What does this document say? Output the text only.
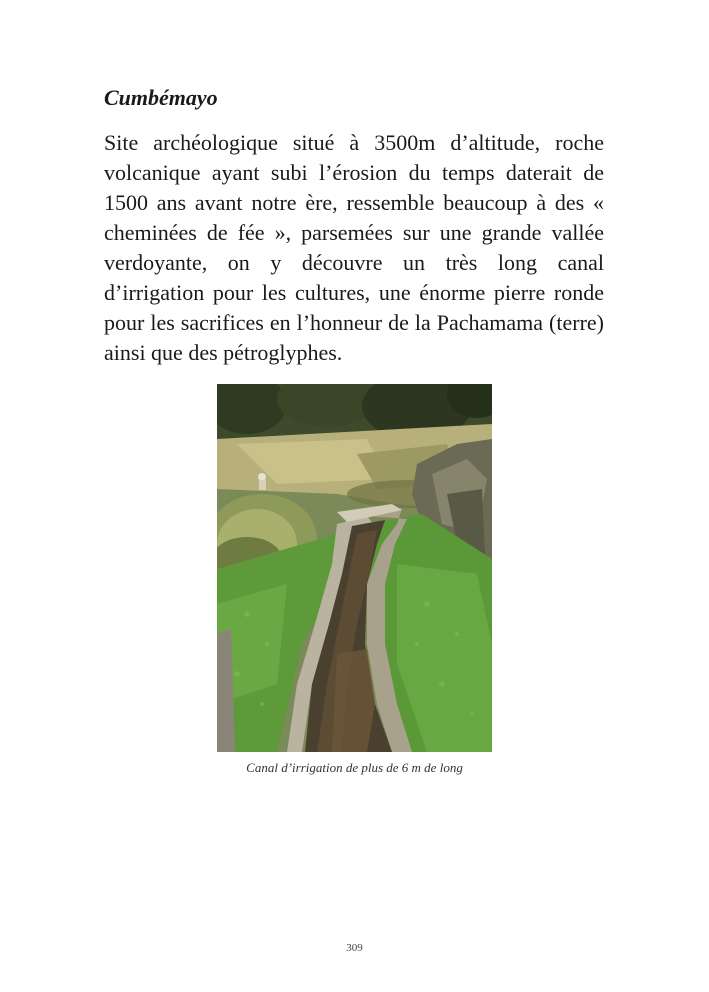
Cumbémayo

Site archéologique situé à 3500m d’altitude, roche volcanique ayant subi l’érosion du temps daterait de 1500 ans avant notre ère, ressemble beaucoup à des « cheminées de fée », parsemées sur une grande vallée verdoyante, on y découvre un très long canal d’irrigation pour les cultures, une énorme pierre ronde pour les sacrifices en l’honneur de la Pachamama (terre) ainsi que des pétroglyphes.

Canal d’irrigation de plus de 6 m de long

309
